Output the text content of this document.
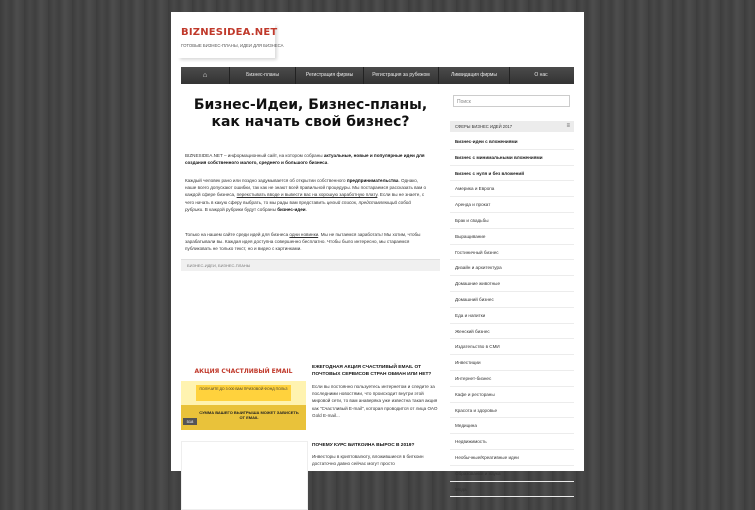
BIZNESIDEA.NET
ГОТОВЫЕ БИЗНЕС-ПЛАНЫ, ИДЕИ ДЛЯ БИЗНЕСА
⌂	Бизнес-планы	Регистрация фирмы	Регистрация за рубежом	Ликвидация фирмы	О нас
Бизнес-Идеи, Бизнес-планы,
как начать свой бизнес?
BIZNESIDEA.NET – информационный сайт, на котором собраны актуальные, новые и популярные идеи для создания собственного малого, среднего и большого бизнеса.
Каждый человек рано или поздно задумывается об открытии собственного предпринимательства. Однако, наше всего допускают ошибки, так как не знают всей правильной процедуры. Мы постараемся рассказать вам о каждой сфере бизнеса, перекстывать вводе и вывести вас на хорошую заработную плату. Если вы не знаете, с чего начать в какую сферу выбрать, то мы рады вам представить целый список, представляющий собой рубрики. В каждой рубрики будут собраны бизнес-идеи.
Только на нашем сайте среди идей для бизнеса одни новинки. Мы не пытаемся заработать! Мы хотим, чтобы зарабатывали вы. Каждая идея доступна совершенно бесплатно. Чтобы было интересно, мы стараемся публиковать не только текст, но и видео с картинками.
БИЗНЕС-ИДЕИ, БИЗНЕС-ПЛАНЫ
АКЦИЯ СЧАСТЛИВЫЙ EMAIL
ПОЛУЧИТЕ ДО 3 000 ВАМ ПРИЗОВОЙ ФОНД ПОЛЬЗ
СУММА ВАШЕГО ВЫИГРЫША МОЖЕТ ЗАВИСЕТЬ ОТ EMAIL
518
ЕЖЕГОДНАЯ АКЦИЯ СЧАСТЛИВЫЙ EMAIL ОТ ПОЧТОВЫХ СЕРВИСОВ СТРАН ОБМАН ИЛИ НЕТ?
Если вы постоянно пользуетесь интернетом и следите за последними новостями, что происходит внутри этой мировой сети, то вам анаверяка уже известна такая акция как "Счастливый E-mail", которая проводится от лица ОАО Gold E-mail...
ПОЧЕМУ КУРС БИТКОИНА ВЫРОС В 2019?
Инвесторы в криптовалюту, вложившиеся в биткоин достаточно давно сейчас могут просто
Поиск
СФЕРЫ БИЗНЕС ИДЕЙ 2017	≡
Бизнес-идеи с вложениями
Бизнес с минимальными вложениями
Бизнес с нуля и без вложений
Америка и Европа
Аренда и прокат
Брак и свадьбы
Выращивание
Гостиничный бизнес
Дизайн и архитектура
Домашние животные
Домашний бизнес
Еда и напитки
Женский бизнес
Издательство в СМИ
Инвестиции
Интернет-бизнес
Кафе и рестораны
Красота и здоровье
Медицина
Недвижимость
Необычные/Креативные идеи
Образование и наука
Мода
